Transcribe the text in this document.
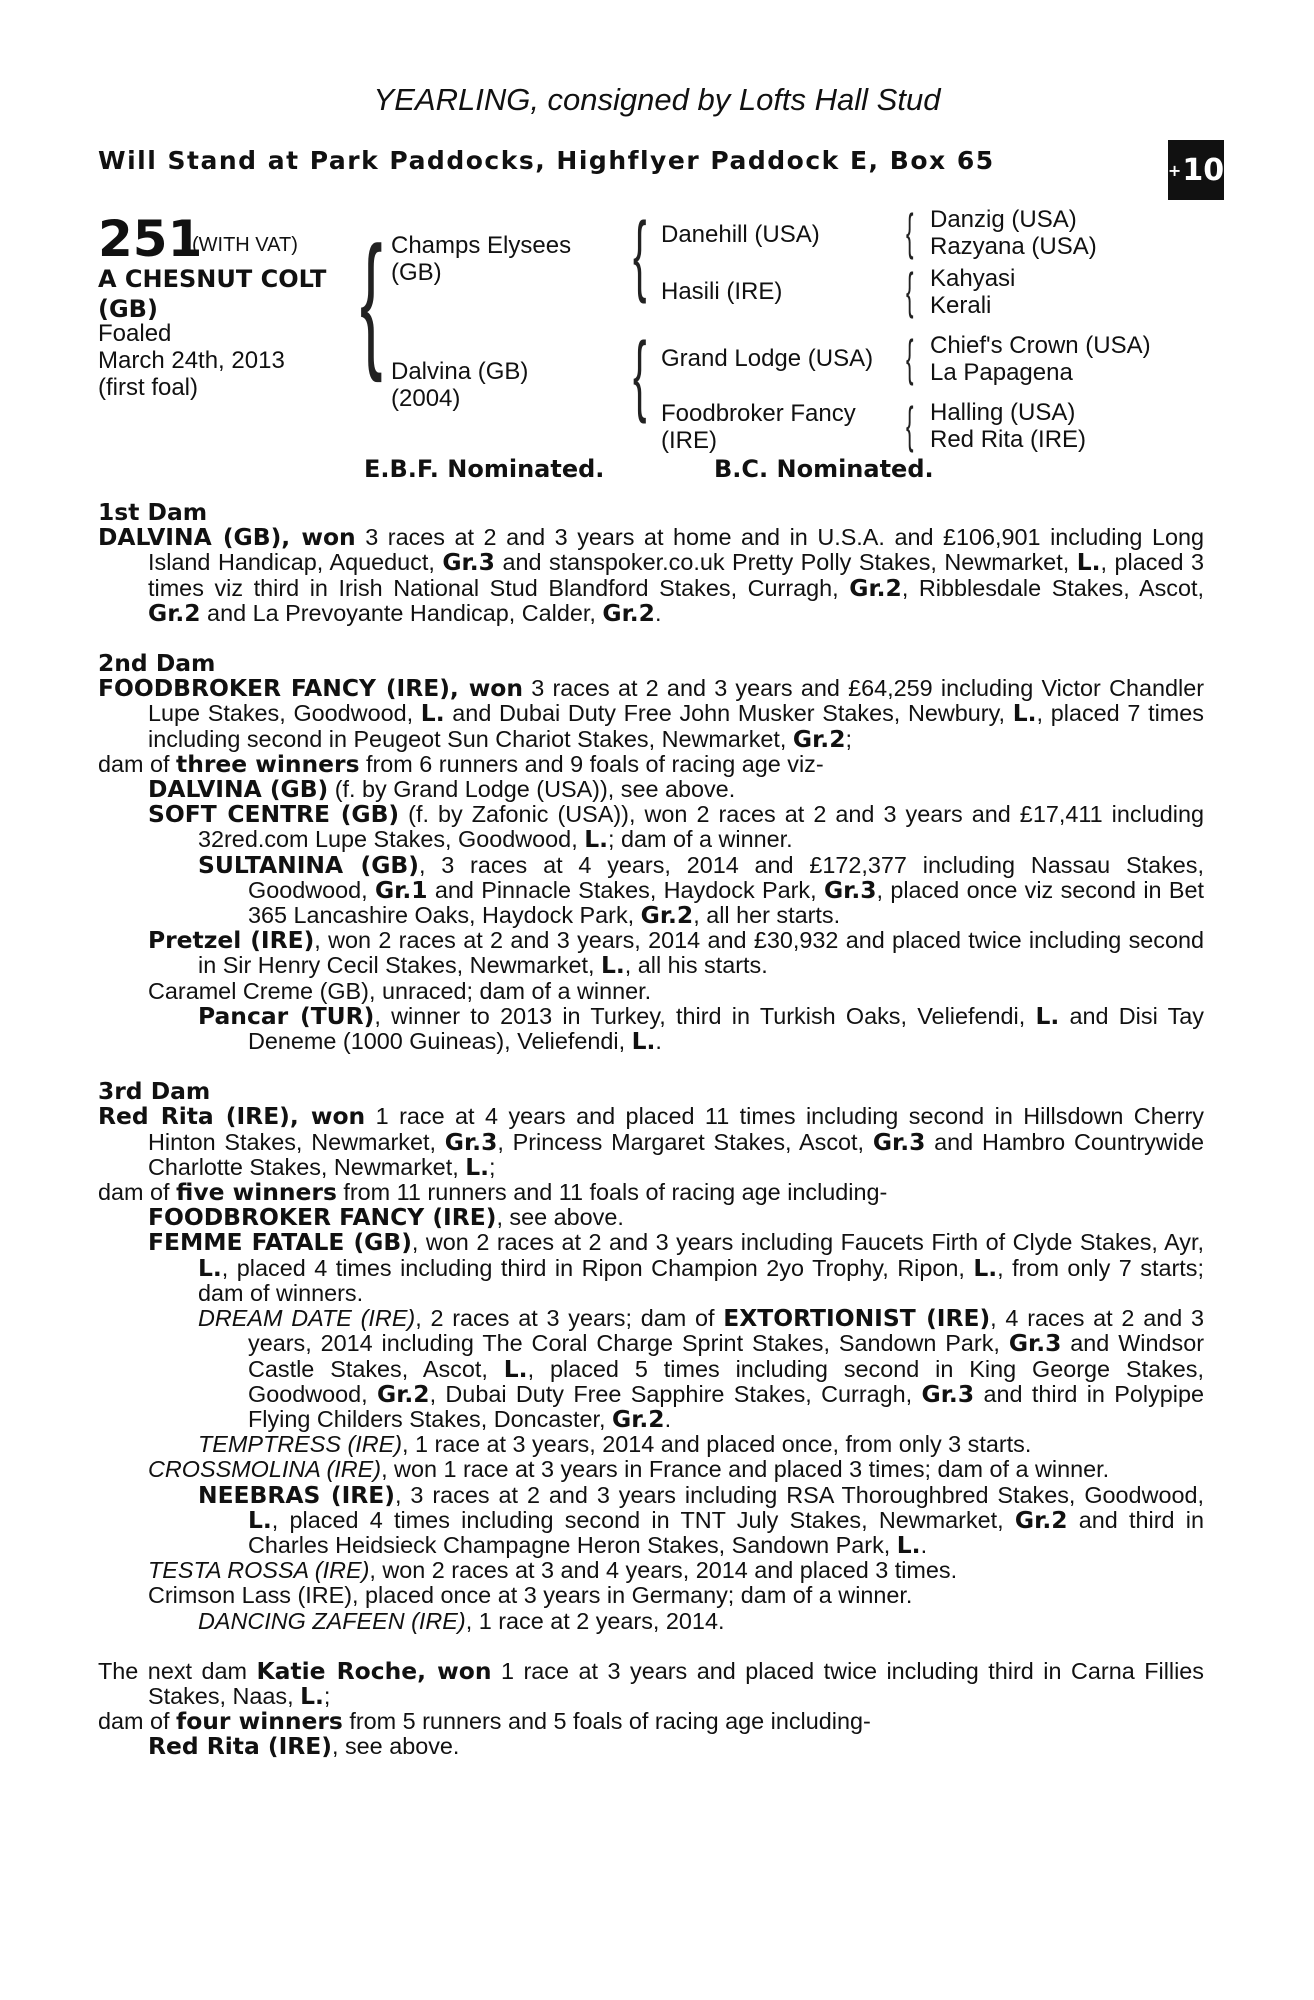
YEARLING, consigned by Lofts Hall Stud
Will Stand at Park Paddocks, Highflyer Paddock E, Box 65	+ 10
251
(WITH VAT)
A CHESNUT COLT
(GB)
Foaled
March 24th, 2013
(first foal)
{ Champs Elysees
(GB)
Dalvina (GB)
(2004)
{ Danehill (USA)
Hasili (IRE)
{ Grand Lodge (USA)
Foodbroker Fancy
(IRE)
{ Danzig (USA)
Razyana (USA)
{ Kahyasi
Kerali
{ Chief's Crown (USA)
La Papagena
{ Halling (USA)
Red Rita (IRE)
E.B.F. Nominated.	B.C. Nominated.

1st Dam

DALVINA (GB), won 3 races at 2 and 3 years at home and in U.S.A. and £106,901 including Long Island Handicap, Aqueduct, Gr.3 and stanspoker.co.uk Pretty Polly Stakes, Newmarket, L., placed 3 times viz third in Irish National Stud Blandford Stakes, Curragh, Gr.2, Ribblesdale Stakes, Ascot, Gr.2 and La Prevoyante Handicap, Calder, Gr.2.

2nd Dam

FOODBROKER FANCY (IRE), won 3 races at 2 and 3 years and £64,259 including Victor Chandler Lupe Stakes, Goodwood, L. and Dubai Duty Free John Musker Stakes, Newbury, L., placed 7 times including second in Peugeot Sun Chariot Stakes, Newmarket, Gr.2;

dam of three winners from 6 runners and 9 foals of racing age viz-

DALVINA (GB) (f. by Grand Lodge (USA)), see above.

SOFT CENTRE (GB) (f. by Zafonic (USA)), won 2 races at 2 and 3 years and £17,411 including 32red.com Lupe Stakes, Goodwood, L.; dam of a winner.

SULTANINA (GB), 3 races at 4 years, 2014 and £172,377 including Nassau Stakes, Goodwood, Gr.1 and Pinnacle Stakes, Haydock Park, Gr.3, placed once viz second in Bet 365 Lancashire Oaks, Haydock Park, Gr.2, all her starts.

Pretzel (IRE), won 2 races at 2 and 3 years, 2014 and £30,932 and placed twice including second in Sir Henry Cecil Stakes, Newmarket, L., all his starts.

Caramel Creme (GB), unraced; dam of a winner.

Pancar (TUR), winner to 2013 in Turkey, third in Turkish Oaks, Veliefendi, L. and Disi Tay Deneme (1000 Guineas), Veliefendi, L..

3rd Dam

Red Rita (IRE), won 1 race at 4 years and placed 11 times including second in Hillsdown Cherry Hinton Stakes, Newmarket, Gr.3, Princess Margaret Stakes, Ascot, Gr.3 and Hambro Countrywide Charlotte Stakes, Newmarket, L.;

dam of five winners from 11 runners and 11 foals of racing age including-

FOODBROKER FANCY (IRE), see above.

FEMME FATALE (GB), won 2 races at 2 and 3 years including Faucets Firth of Clyde Stakes, Ayr, L., placed 4 times including third in Ripon Champion 2yo Trophy, Ripon, L., from only 7 starts; dam of winners.

DREAM DATE (IRE), 2 races at 3 years; dam of EXTORTIONIST (IRE), 4 races at 2 and 3 years, 2014 including The Coral Charge Sprint Stakes, Sandown Park, Gr.3 and Windsor Castle Stakes, Ascot, L., placed 5 times including second in King George Stakes, Goodwood, Gr.2, Dubai Duty Free Sapphire Stakes, Curragh, Gr.3 and third in Polypipe Flying Childers Stakes, Doncaster, Gr.2.

TEMPTRESS (IRE), 1 race at 3 years, 2014 and placed once, from only 3 starts.

CROSSMOLINA (IRE), won 1 race at 3 years in France and placed 3 times; dam of a winner.

NEEBRAS (IRE), 3 races at 2 and 3 years including RSA Thoroughbred Stakes, Goodwood, L., placed 4 times including second in TNT July Stakes, Newmarket, Gr.2 and third in Charles Heidsieck Champagne Heron Stakes, Sandown Park, L..

TESTA ROSSA (IRE), won 2 races at 3 and 4 years, 2014 and placed 3 times.

Crimson Lass (IRE), placed once at 3 years in Germany; dam of a winner.

DANCING ZAFEEN (IRE), 1 race at 2 years, 2014.

The next dam Katie Roche, won 1 race at 3 years and placed twice including third in Carna Fillies Stakes, Naas, L.;

dam of four winners from 5 runners and 5 foals of racing age including-

Red Rita (IRE), see above.
